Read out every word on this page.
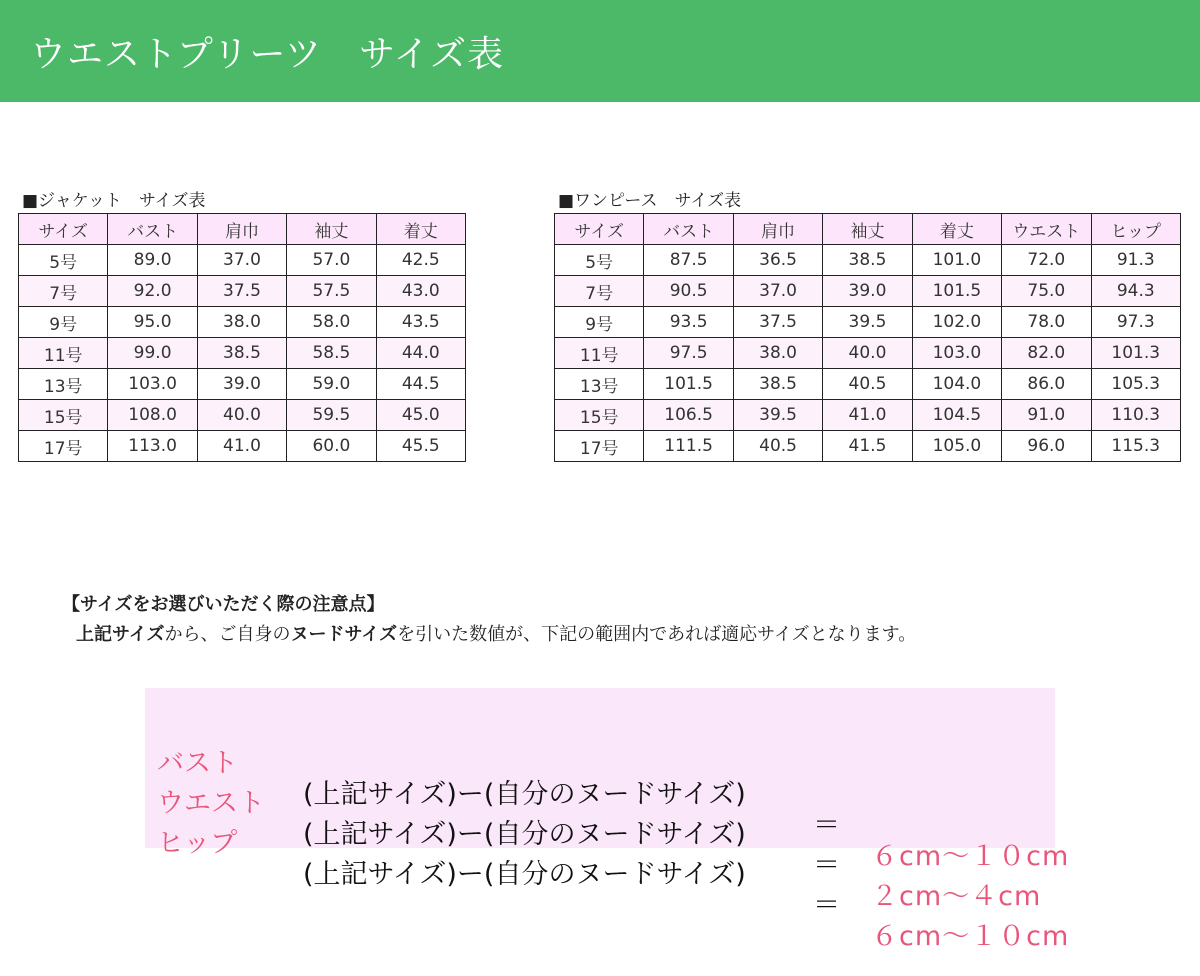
ウエストプリーツ　サイズ表
■ジャケット　サイズ表
サイズ	バスト	肩巾	袖丈	着丈
5号	89.0	37.0	57.0	42.5
7号	92.0	37.5	57.5	43.0
9号	95.0	38.0	58.0	43.5
11号	99.0	38.5	58.5	44.0
13号	103.0	39.0	59.0	44.5
15号	108.0	40.0	59.5	45.0
17号	113.0	41.0	60.0	45.5
■ワンピース　サイズ表
サイズ	バスト	肩巾	袖丈	着丈	ウエスト	ヒップ
5号	87.5	36.5	38.5	101.0	72.0	91.3
7号	90.5	37.0	39.0	101.5	75.0	94.3
9号	93.5	37.5	39.5	102.0	78.0	97.3
11号	97.5	38.0	40.0	103.0	82.0	101.3
13号	101.5	38.5	40.5	104.0	86.0	105.3
15号	106.5	39.5	41.0	104.5	91.0	110.3
17号	111.5	40.5	41.5	105.0	96.0	115.3
【サイズをお選びいただく際の注意点】
上記サイズから、ご自身のヌードサイズを引いた数値が、下記の範囲内であれば適応サイズとなります。

バスト

(上記サイズ)ー(自分のヌードサイズ)

＝

６cm～１０cm

ウエスト

(上記サイズ)ー(自分のヌードサイズ)

＝

２cm～４cm

ヒップ

(上記サイズ)ー(自分のヌードサイズ)

＝

６cm～１０cm
